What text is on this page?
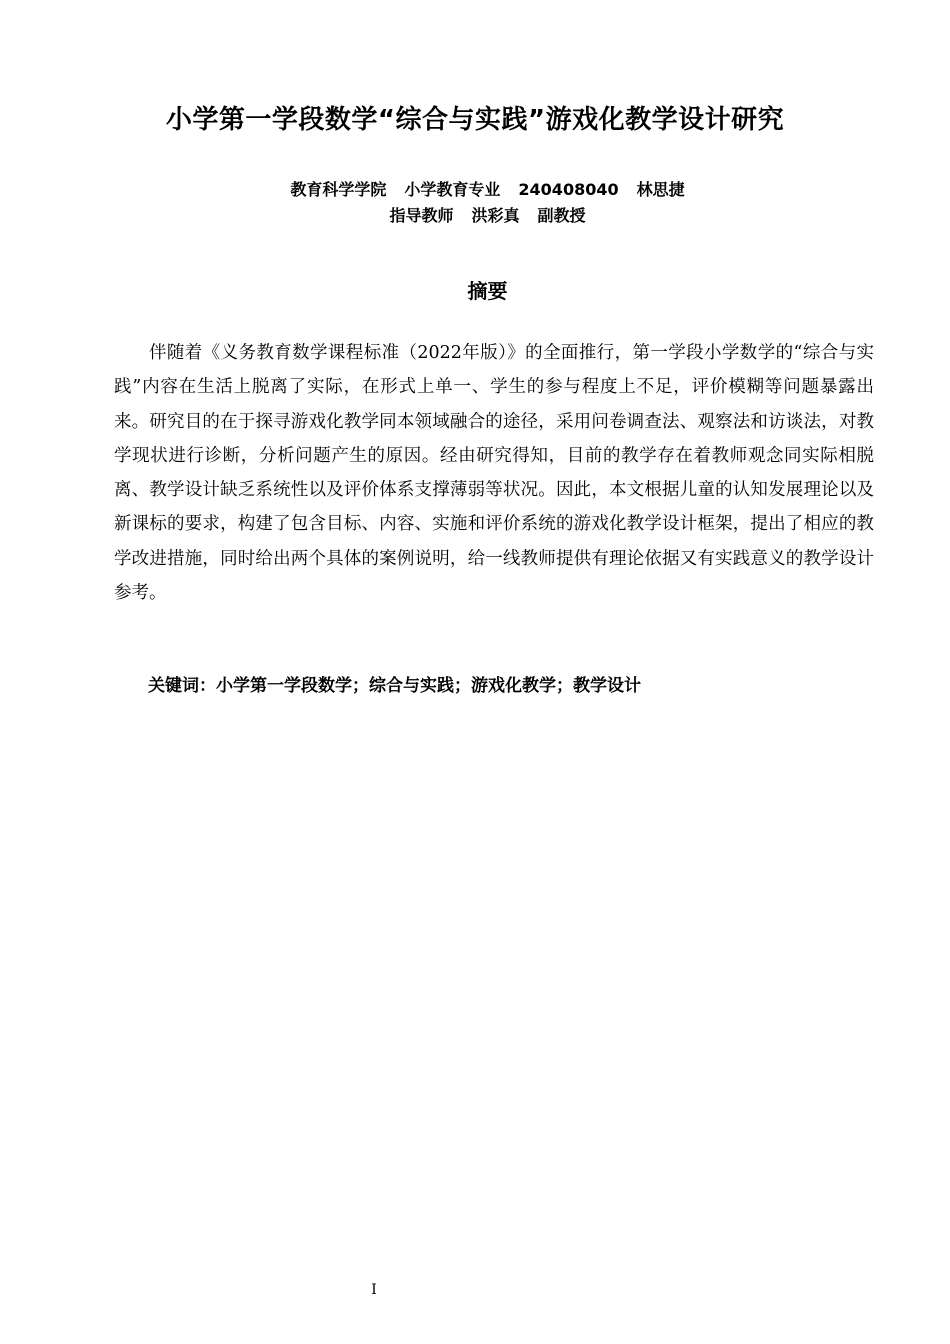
小学第一学段数学“综合与实践”游戏化教学设计研究
教育科学学院 小学教育专业 240408040 林思捷
指导教师 洪彩真 副教授
摘要

伴随着《义务教育数学课程标准（2022年版）》的全面推行，第一学段小学数学的“综合与实践”内容在生活上脱离了实际，在形式上单一、学生的参与程度上不足，评价模糊等问题暴露出来。研究目的在于探寻游戏化教学同本领域融合的途径，采用问卷调查法、观察法和访谈法，对教学现状进行诊断，分析问题产生的原因。经由研究得知，目前的教学存在着教师观念同实际相脱离、教学设计缺乏系统性以及评价体系支撑薄弱等状况。因此，本文根据儿童的认知发展理论以及新课标的要求，构建了包含目标、内容、实施和评价系统的游戏化教学设计框架，提出了相应的教学改进措施，同时给出两个具体的案例说明，给一线教师提供有理论依据又有实践意义的教学设计参考。

关键词：小学第一学段数学；综合与实践；游戏化教学；教学设计

I
